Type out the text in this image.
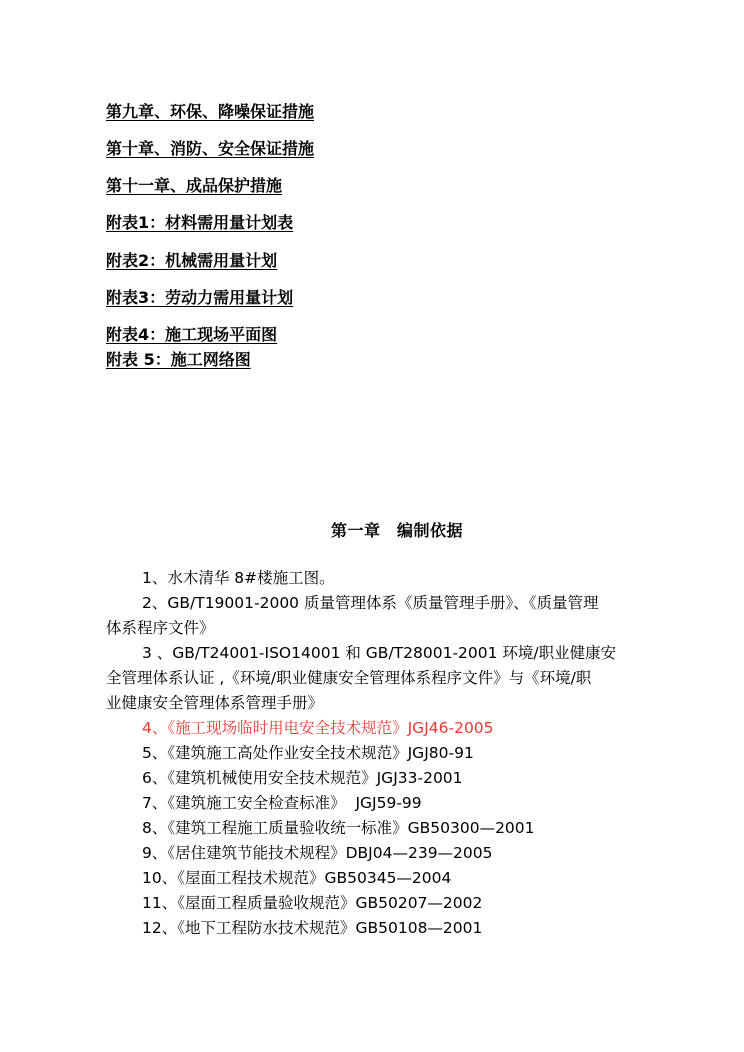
第九章、环保、降噪保证措施
第十章、消防、安全保证措施
第十一章、成品保护措施
附表1：材料需用量计划表
附表2：机械需用量计划
附表3：劳动力需用量计划
附表4：施工现场平面图
附表 5：施工网络图
第一章　编制依据
1、水木清华 8#楼施工图。
2、GB/T19001-2000 质量管理体系《质量管理手册》、《质量管理
体系程序文件》
3 、GB/T24001-ISO14001 和 GB/T28001-2001 环境/职业健康安
全管理体系认证 ,《环境/职业健康安全管理体系程序文件》与《环境/职
业健康安全管理体系管理手册》
4、《施工现场临时用电安全技术规范》JGJ46-2005
5、《建筑施工高处作业安全技术规范》JGJ80-91
6、《建筑机械使用安全技术规范》JGJ33-2001
7、《建筑施工安全检查标准》  JGJ59-99
8、《建筑工程施工质量验收统一标准》GB50300—2001
9、《居住建筑节能技术规程》DBJ04—239—2005
10、《屋面工程技术规范》GB50345—2004
11、《屋面工程质量验收规范》GB50207—2002
12、《地下工程防水技术规范》GB50108—2001
